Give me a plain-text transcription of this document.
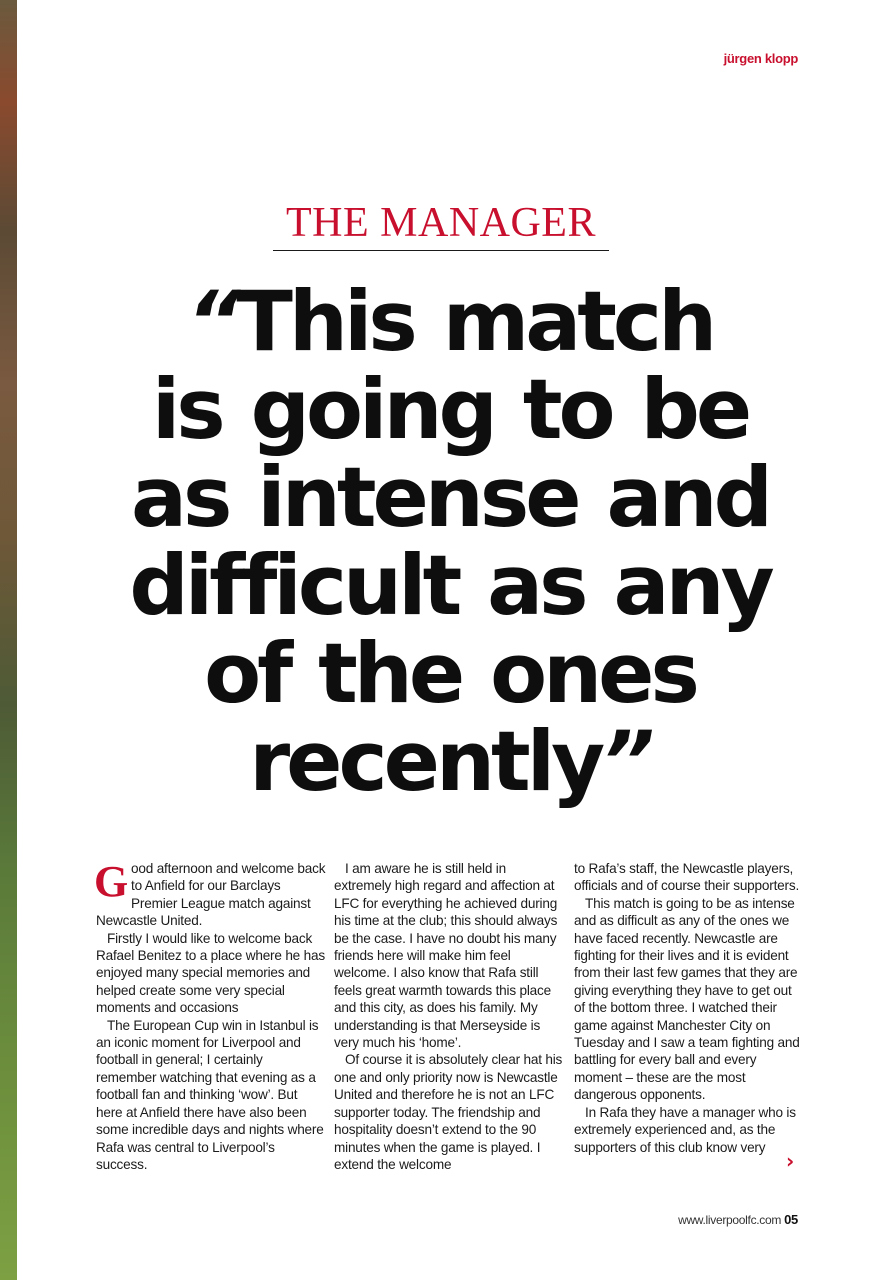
jürgen klopp
THE MANAGER
“This match
is going to be
as intense and
difficult as any
of the ones
recently”

Good afternoon and welcome back to Anfield for our Barclays Premier League match against Newcastle United.

Firstly I would like to welcome back Rafael Benitez to a place where he has enjoyed many special memories and helped create some very special moments and occasions

The European Cup win in Istanbul is an iconic moment for Liverpool and football in general; I certainly remember watching that evening as a football fan and thinking ‘wow’. But here at Anfield there have also been some incredible days and nights where Rafa was central to Liverpool’s success.

I am aware he is still held in extremely high regard and affection at LFC for everything he achieved during his time at the club; this should always be the case. I have no doubt his many friends here will make him feel welcome. I also know that Rafa still feels great warmth towards this place and this city, as does his family. My understanding is that Merseyside is very much his ‘home’.

Of course it is absolutely clear hat his one and only priority now is Newcastle United and therefore he is not an LFC supporter today. The friendship and hospitality doesn’t extend to the 90 minutes when the game is played. I extend the welcome

to Rafa’s staff, the Newcastle players, officials and of course their supporters.

This match is going to be as intense and as difficult as any of the ones we have faced recently. Newcastle are fighting for their lives and it is evident from their last few games that they are giving everything they have to get out of the bottom three. I watched their game against Manchester City on Tuesday and I saw a team fighting and battling for every ball and every moment – these are the most dangerous opponents.

In Rafa they have a manager who is extremely experienced and, as the supporters of this club know very

›
www.liverpoolfc.com 05
